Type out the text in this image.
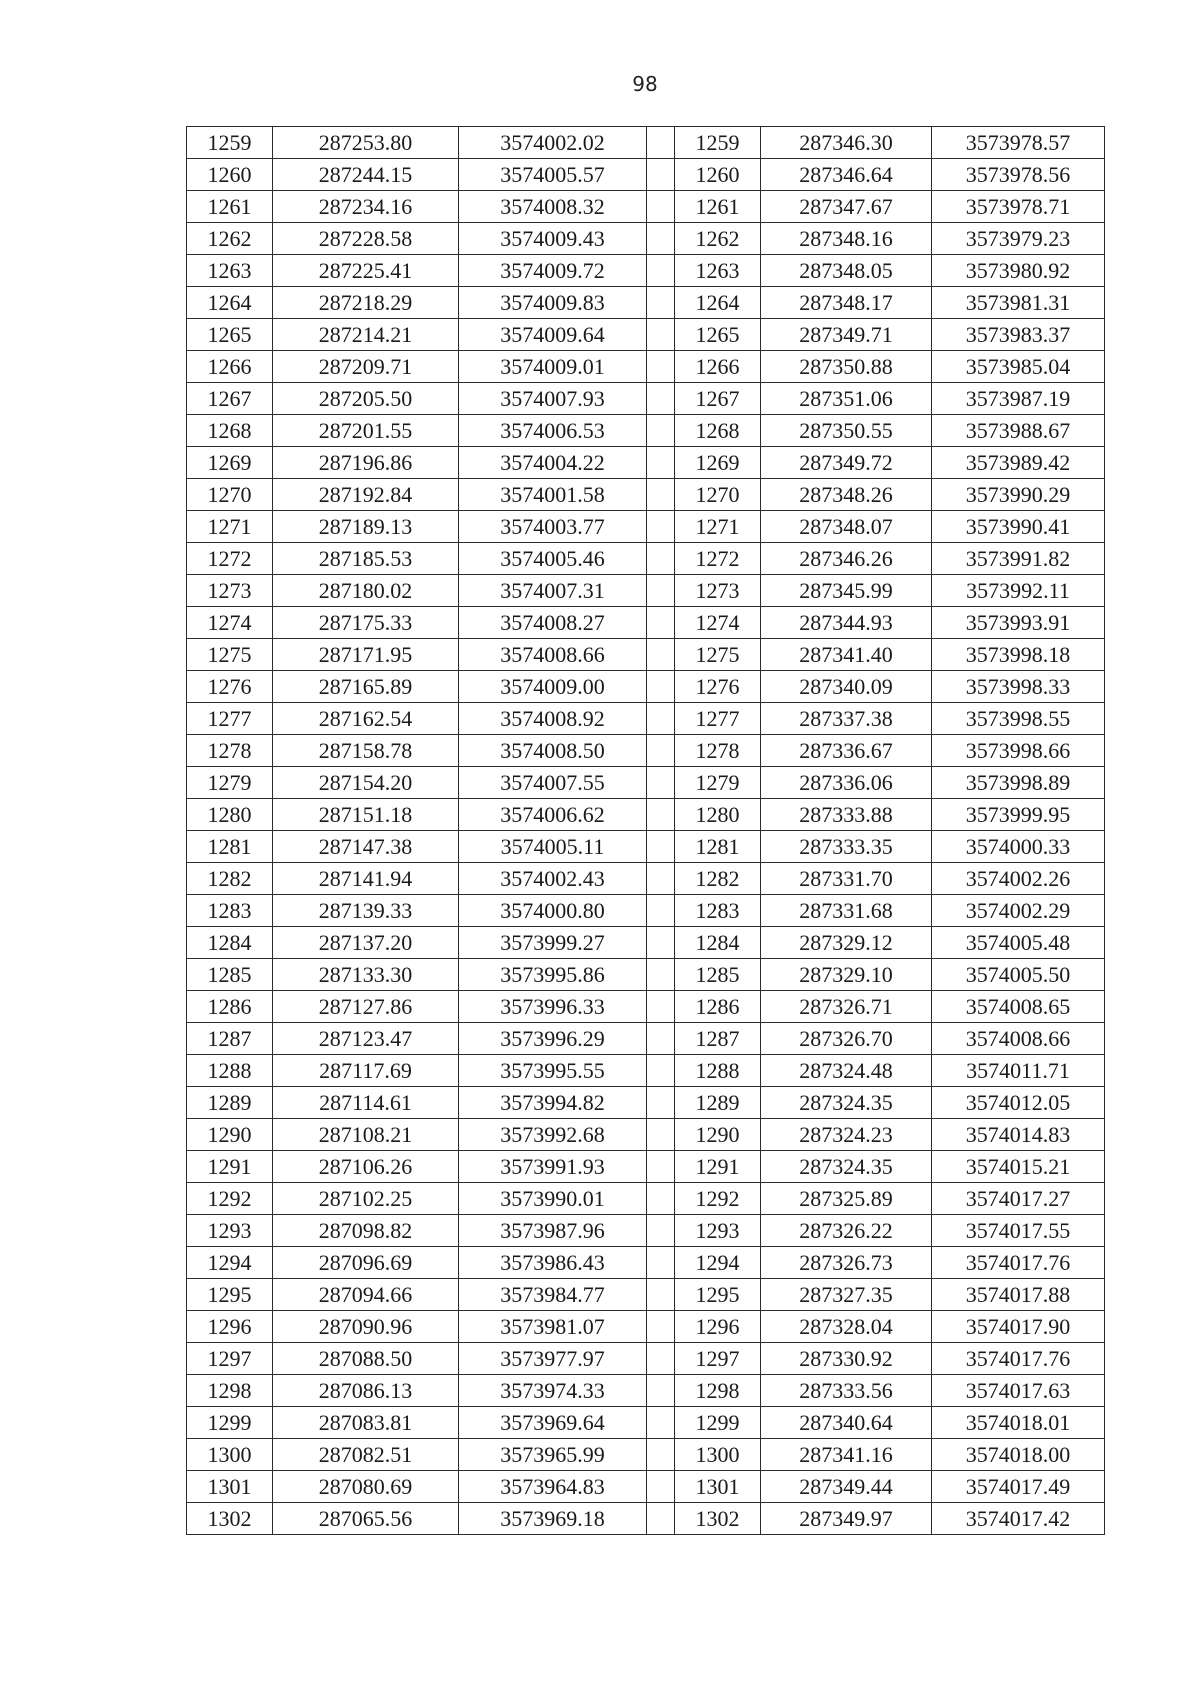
98
1259	287253.80	3574002.02		1259	287346.30	3573978.57
1260	287244.15	3574005.57		1260	287346.64	3573978.56
1261	287234.16	3574008.32		1261	287347.67	3573978.71
1262	287228.58	3574009.43		1262	287348.16	3573979.23
1263	287225.41	3574009.72		1263	287348.05	3573980.92
1264	287218.29	3574009.83		1264	287348.17	3573981.31
1265	287214.21	3574009.64		1265	287349.71	3573983.37
1266	287209.71	3574009.01		1266	287350.88	3573985.04
1267	287205.50	3574007.93		1267	287351.06	3573987.19
1268	287201.55	3574006.53		1268	287350.55	3573988.67
1269	287196.86	3574004.22		1269	287349.72	3573989.42
1270	287192.84	3574001.58		1270	287348.26	3573990.29
1271	287189.13	3574003.77		1271	287348.07	3573990.41
1272	287185.53	3574005.46		1272	287346.26	3573991.82
1273	287180.02	3574007.31		1273	287345.99	3573992.11
1274	287175.33	3574008.27		1274	287344.93	3573993.91
1275	287171.95	3574008.66		1275	287341.40	3573998.18
1276	287165.89	3574009.00		1276	287340.09	3573998.33
1277	287162.54	3574008.92		1277	287337.38	3573998.55
1278	287158.78	3574008.50		1278	287336.67	3573998.66
1279	287154.20	3574007.55		1279	287336.06	3573998.89
1280	287151.18	3574006.62		1280	287333.88	3573999.95
1281	287147.38	3574005.11		1281	287333.35	3574000.33
1282	287141.94	3574002.43		1282	287331.70	3574002.26
1283	287139.33	3574000.80		1283	287331.68	3574002.29
1284	287137.20	3573999.27		1284	287329.12	3574005.48
1285	287133.30	3573995.86		1285	287329.10	3574005.50
1286	287127.86	3573996.33		1286	287326.71	3574008.65
1287	287123.47	3573996.29		1287	287326.70	3574008.66
1288	287117.69	3573995.55		1288	287324.48	3574011.71
1289	287114.61	3573994.82		1289	287324.35	3574012.05
1290	287108.21	3573992.68		1290	287324.23	3574014.83
1291	287106.26	3573991.93		1291	287324.35	3574015.21
1292	287102.25	3573990.01		1292	287325.89	3574017.27
1293	287098.82	3573987.96		1293	287326.22	3574017.55
1294	287096.69	3573986.43		1294	287326.73	3574017.76
1295	287094.66	3573984.77		1295	287327.35	3574017.88
1296	287090.96	3573981.07		1296	287328.04	3574017.90
1297	287088.50	3573977.97		1297	287330.92	3574017.76
1298	287086.13	3573974.33		1298	287333.56	3574017.63
1299	287083.81	3573969.64		1299	287340.64	3574018.01
1300	287082.51	3573965.99		1300	287341.16	3574018.00
1301	287080.69	3573964.83		1301	287349.44	3574017.49
1302	287065.56	3573969.18		1302	287349.97	3574017.42
